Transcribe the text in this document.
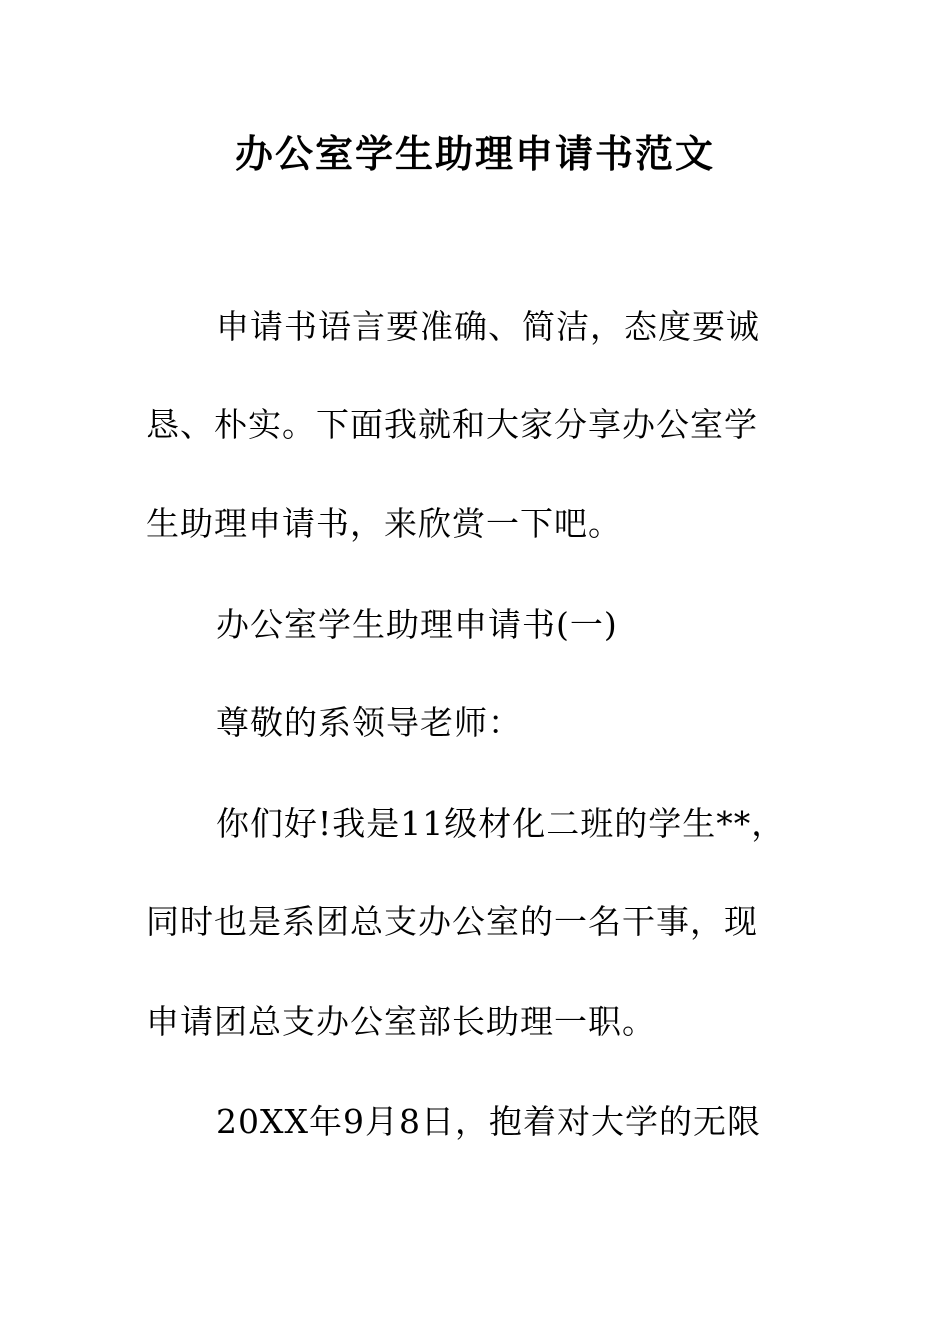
办公室学生助理申请书范文
申请书语言要准确、简洁，态度要诚
恳、朴实。下面我就和大家分享办公室学
生助理申请书，来欣赏一下吧。
办公室学生助理申请书(一)
尊敬的系领导老师：
你们好!我是11级材化二班的学生**，
同时也是系团总支办公室的一名干事，现
申请团总支办公室部长助理一职。
20XX年9月8日，抱着对大学的无限
